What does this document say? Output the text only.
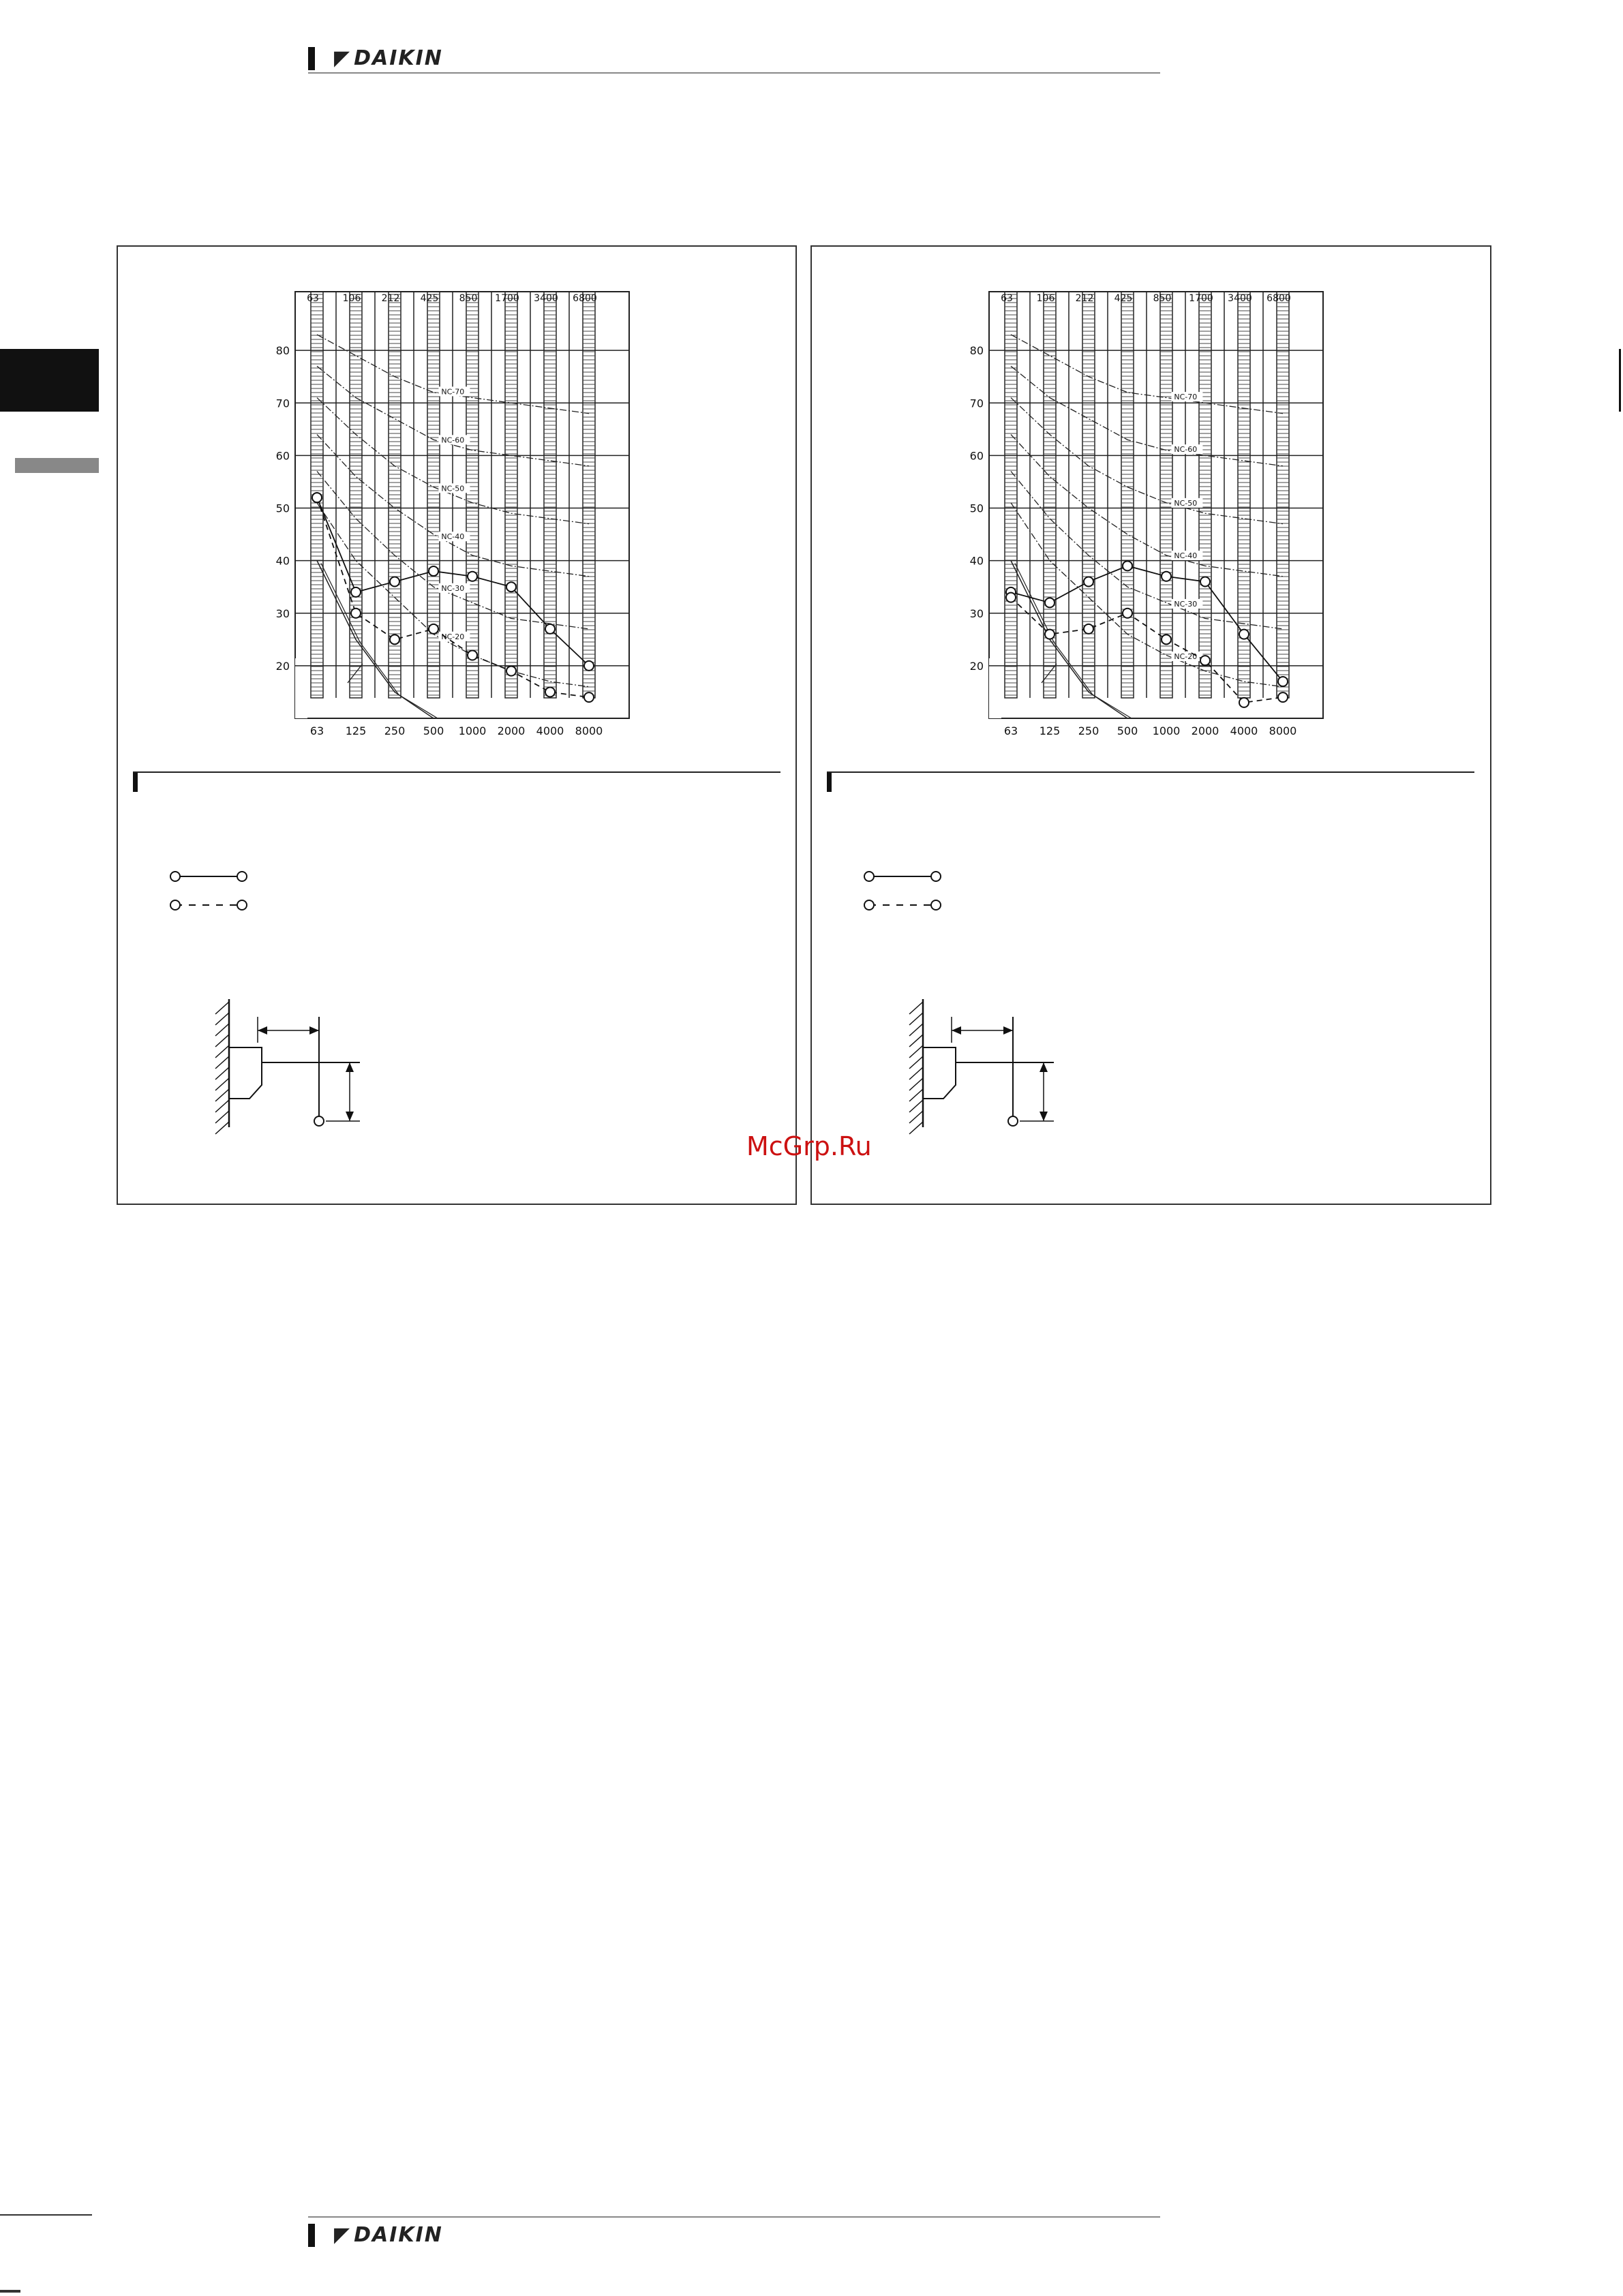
◤ DAIKIN
20
30
40
50
60
70
80
63 106 212 425 850 1700 3400 6800
63 125 250 500 1000 2000 4000 8000
NC-70
NC-60
NC-50
NC-40
NC-30
NC-20
20
30
40
50
60
70
80
63 106 212 425 850 1700 3400 6800
63 125 250 500 1000 2000 4000 8000
NC-70
NC-60
NC-50
NC-40
NC-30
NC-20
McGrp.Ru
◤ DAIKIN
